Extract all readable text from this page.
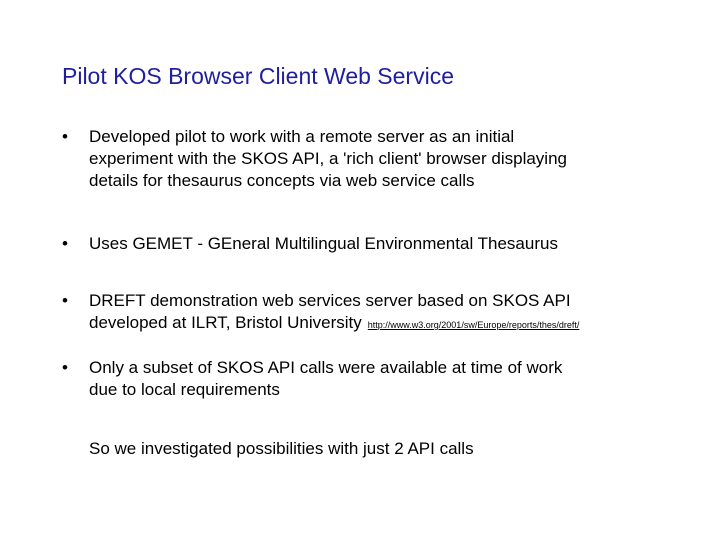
Pilot KOS Browser Client Web Service
•	Developed pilot to work with a remote server as an initial
experiment with the SKOS API, a 'rich client' browser displaying
details for thesaurus concepts via web service calls
•	Uses GEMET - GEneral Multilingual Environmental Thesaurus
•	DREFT demonstration web services server based on SKOS API
developed at ILRT, Bristol University http://www.w3.org/2001/sw/Europe/reports/thes/dreft/
•	Only a subset of SKOS API calls were available at time of work
due to local requirements
So we investigated possibilities with just 2 API calls
